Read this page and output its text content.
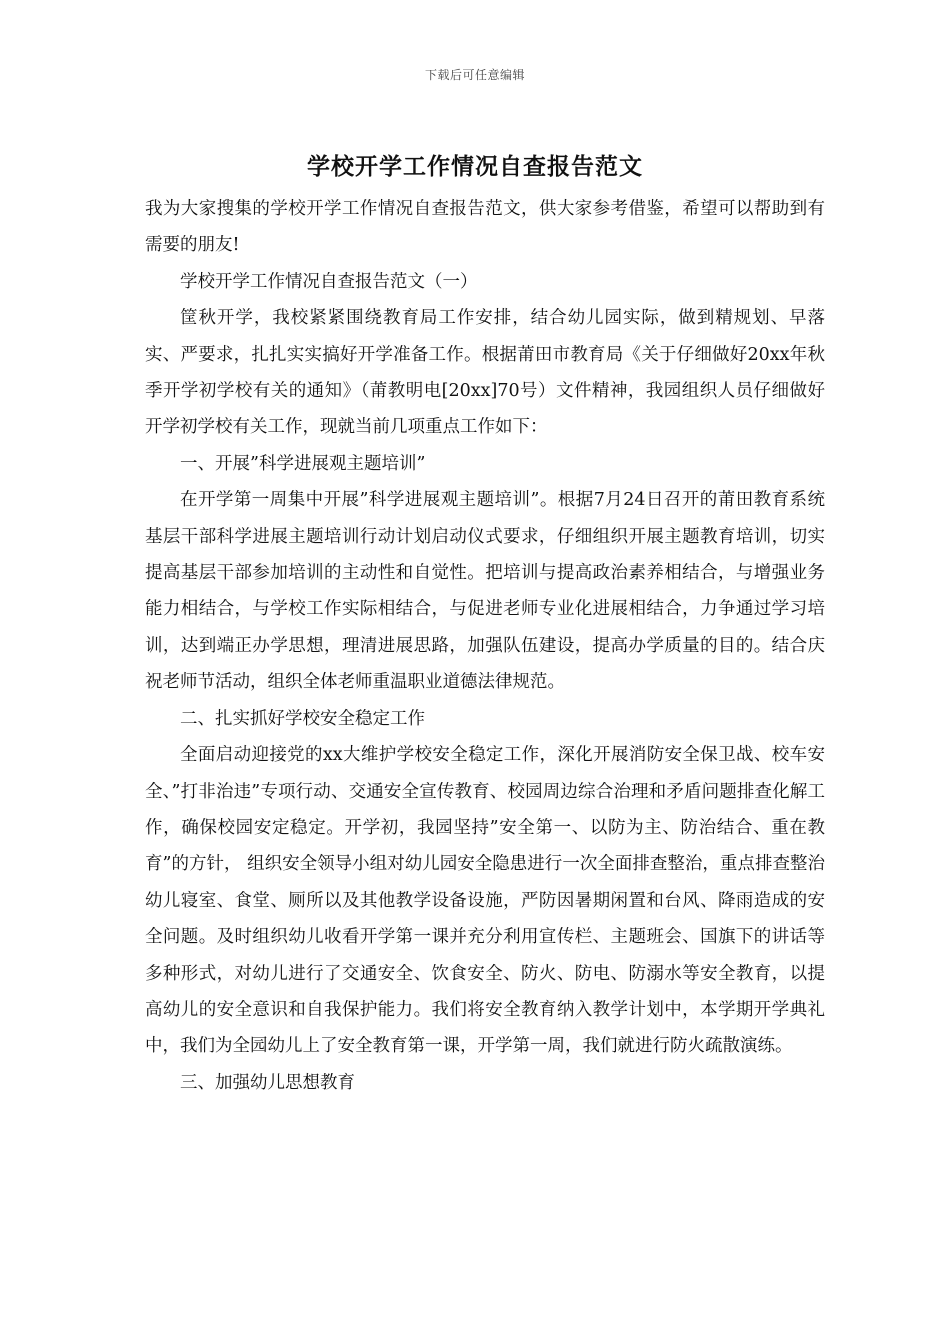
下载后可任意编辑
学校开学工作情况自查报告范文

我为大家搜集的学校开学工作情况自查报告范文，供大家参考借鉴，希望可以帮助到有需要的朋友!

学校开学工作情况自查报告范文（一）

筐秋开学，我校紧紧围绕教育局工作安排，结合幼儿园实际，做到精规划、早落实、严要求，扎扎实实搞好开学准备工作。根据莆田市教育局《关于仔细做好20xx年秋季开学初学校有关的通知》（莆教明电[20xx]70号）文件精神，我园组织人员仔细做好开学初学校有关工作，现就当前几项重点工作如下：

一、开展”科学进展观主题培训”

在开学第一周集中开展”科学进展观主题培训”。根据7月24日召开的莆田教育系统基层干部科学进展主题培训行动计划启动仪式要求，仔细组织开展主题教育培训，切实提高基层干部参加培训的主动性和自觉性。把培训与提高政治素养相结合，与增强业务能力相结合，与学校工作实际相结合，与促进老师专业化进展相结合，力争通过学习培训，达到端正办学思想，理清进展思路，加强队伍建设，提高办学质量的目的。结合庆祝老师节活动，组织全体老师重温职业道德法律规范。

二、扎实抓好学校安全稳定工作

全面启动迎接党的xx大维护学校安全稳定工作，深化开展消防安全保卫战、校车安全、”打非治违”专项行动、交通安全宣传教育、校园周边综合治理和矛盾问题排查化解工作，确保校园安定稳定。开学初，我园坚持”安全第一、以防为主、防治结合、重在教育”的方针， 组织安全领导小组对幼儿园安全隐患进行一次全面排查整治，重点排查整治幼儿寝室、食堂、厕所以及其他教学设备设施，严防因暑期闲置和台风、降雨造成的安全问题。及时组织幼儿收看开学第一课并充分利用宣传栏、主题班会、国旗下的讲话等多种形式，对幼儿进行了交通安全、饮食安全、防火、防电、防溺水等安全教育，以提高幼儿的安全意识和自我保护能力。我们将安全教育纳入教学计划中，本学期开学典礼中，我们为全园幼儿上了安全教育第一课，开学第一周，我们就进行防火疏散演练。

三、加强幼儿思想教育
